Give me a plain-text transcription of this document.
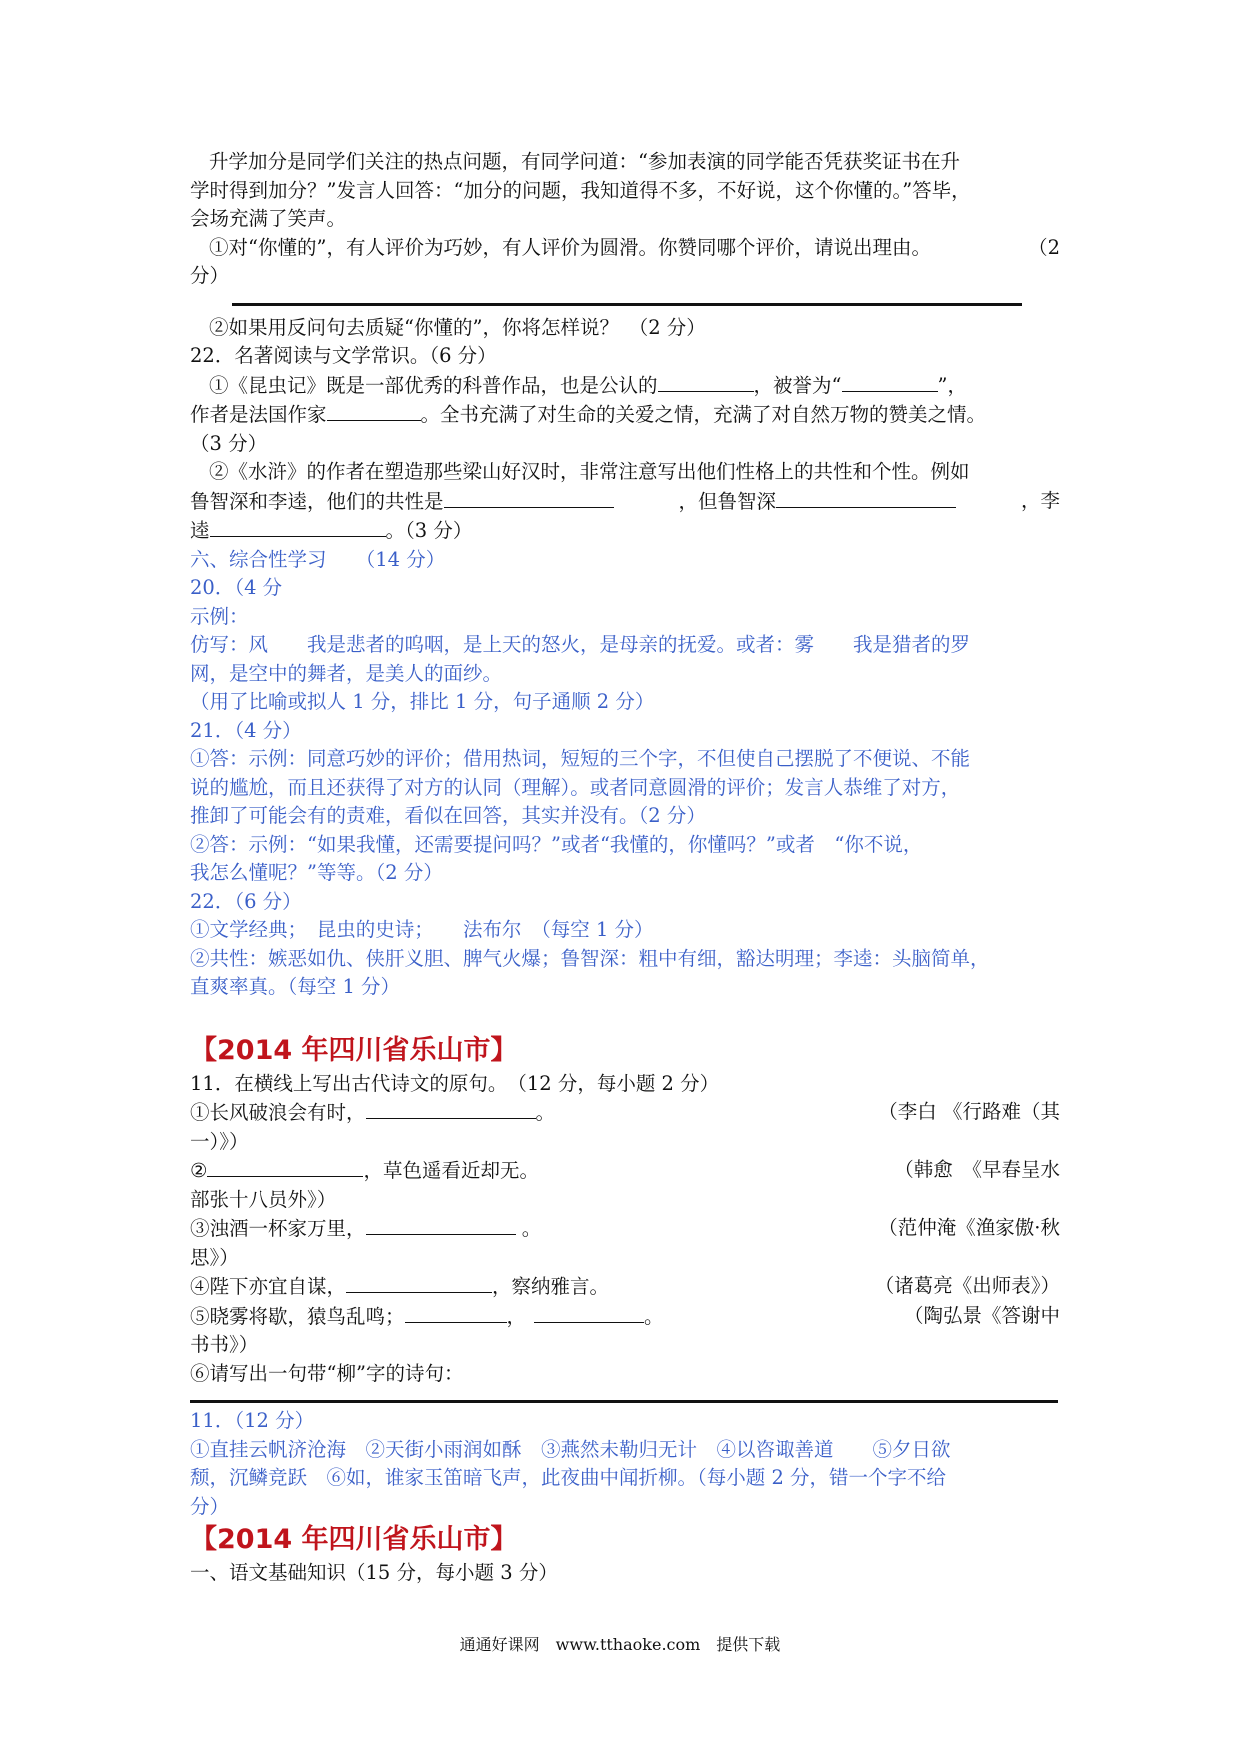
升学加分是同学们关注的热点问题，有同学问道：“参加表演的同学能否凭获奖证书在升
学时得到加分？”发言人回答：“加分的问题，我知道得不多，不好说，这个你懂的。”答毕，
会场充满了笑声。
①对“你懂的”，有人评价为巧妙，有人评价为圆滑。你赞同哪个评价，请说出理由。	（2
分）
②如果用反问句去质疑“你懂的”，你将怎样说？　（2 分）
22．名著阅读与文学常识。（6 分）
①《昆虫记》既是一部优秀的科普作品，也是公认的	，被誉为“	”，
作者是法国作家	。全书充满了对生命的关爱之情，充满了对自然万物的赞美之情。
（3 分）
②《水浒》的作者在塑造那些梁山好汉时，非常注意写出他们性格上的共性和个性。例如
鲁智深和李逵，他们的共性是	，但鲁智深	，李
逵	。（3 分）
六、综合性学习　　（14 分）
20．（4 分
示例：
仿写：风　　我是悲者的呜咽，是上天的怒火，是母亲的抚爱。或者：雾　　我是猎者的罗
网，是空中的舞者，是美人的面纱。
（用了比喻或拟人 1 分，排比 1 分，句子通顺 2 分）
21．（4 分）
①答：示例：同意巧妙的评价；借用热词，短短的三个字，不但使自己摆脱了不便说、不能
说的尴尬，而且还获得了对方的认同（理解）。或者同意圆滑的评价；发言人恭维了对方，
推卸了可能会有的责难，看似在回答，其实并没有。（2 分）
②答：示例：“如果我懂，还需要提问吗？”或者“我懂的，你懂吗？”或者　“你不说，
我怎么懂呢？”等等。（2 分）
22．（6 分）
①文学经典；　昆虫的史诗；　　法布尔　（每空 1 分）
②共性：嫉恶如仇、侠肝义胆、脾气火爆；鲁智深：粗中有细，豁达明理；李逵：头脑简单，
直爽率真。（每空 1 分）
【2014 年四川省乐山市】
11．在横线上写出古代诗文的原句。　（12 分，每小题 2 分）
①长风破浪会有时，	。	（李白 《行路难（其
一）》）
②	，草色遥看近却无。	（韩愈　《早春呈水
部张十八员外》）
③浊酒一杯家万里，	。	（范仲淹《渔家傲·秋
思》）
④陛下亦宜自谋，	，察纳雅言。	（诸葛亮《出师表》）
⑤晓雾将歇，猿鸟乱鸣；	，	。	（陶弘景《答谢中
书书》）
⑥请写出一句带“柳”字的诗句：
11．（12 分）
①直挂云帆济沧海　②天街小雨润如酥　③燕然未勒归无计　④以咨诹善道　　⑤夕日欲
颓，沉鳞竞跃　⑥如，谁家玉笛暗飞声，此夜曲中闻折柳。（每小题 2 分，错一个字不给
分）
【2014 年四川省乐山市】
一、语文基础知识（15 分，每小题 3 分）
通通好课网　www.tthaoke.com　提供下载
